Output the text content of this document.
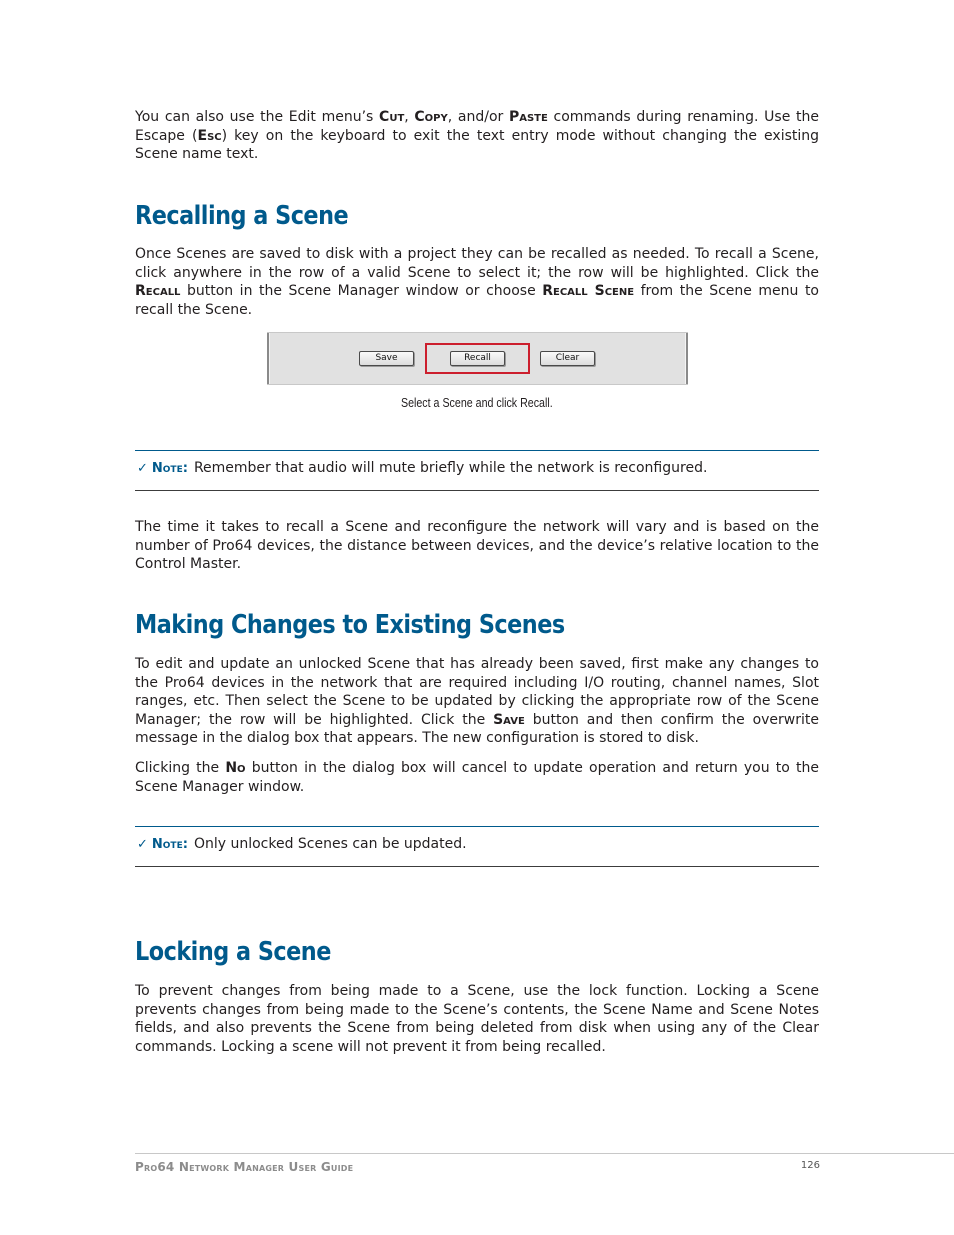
You can also use the Edit menu’s Cut, Copy, and/or Paste commands during renaming. Use the Escape (Esc) key on the keyboard to exit the text entry mode without changing the existing Scene name text.

Recalling a Scene

Once Scenes are saved to disk with a project they can be recalled as needed. To recall a Scene, click anywhere in the row of a valid Scene to select it; the row will be highlighted. Click the Recall button in the Scene Manager window or choose Recall Scene from the Scene menu to recall the Scene.

Save	Recall	Clear
Select a Scene and click Recall.
✓ Note: Remember that audio will mute briefly while the network is reconfigured.

The time it takes to recall a Scene and reconfigure the network will vary and is based on the number of Pro64 devices, the distance between devices, and the device’s relative location to the Control Master.

Making Changes to Existing Scenes

To edit and update an unlocked Scene that has already been saved, first make any changes to the Pro64 devices in the network that are required including I/O routing, channel names, Slot ranges, etc. Then select the Scene to be updated by clicking the appropriate row of the Scene Manager; the row will be highlighted. Click the Save button and then confirm the overwrite message in the dialog box that appears. The new configuration is stored to disk.

Clicking the No button in the dialog box will cancel to update operation and return you to the Scene Manager window.

✓ Note: Only unlocked Scenes can be updated.
Locking a Scene

To prevent changes from being made to a Scene, use the lock function. Locking a Scene prevents changes from being made to the Scene’s contents, the Scene Name and Scene Notes fields, and also prevents the Scene from being deleted from disk when using any of the Clear commands. Locking a scene will not prevent it from being recalled.

Pro64 Network Manager User Guide	126
